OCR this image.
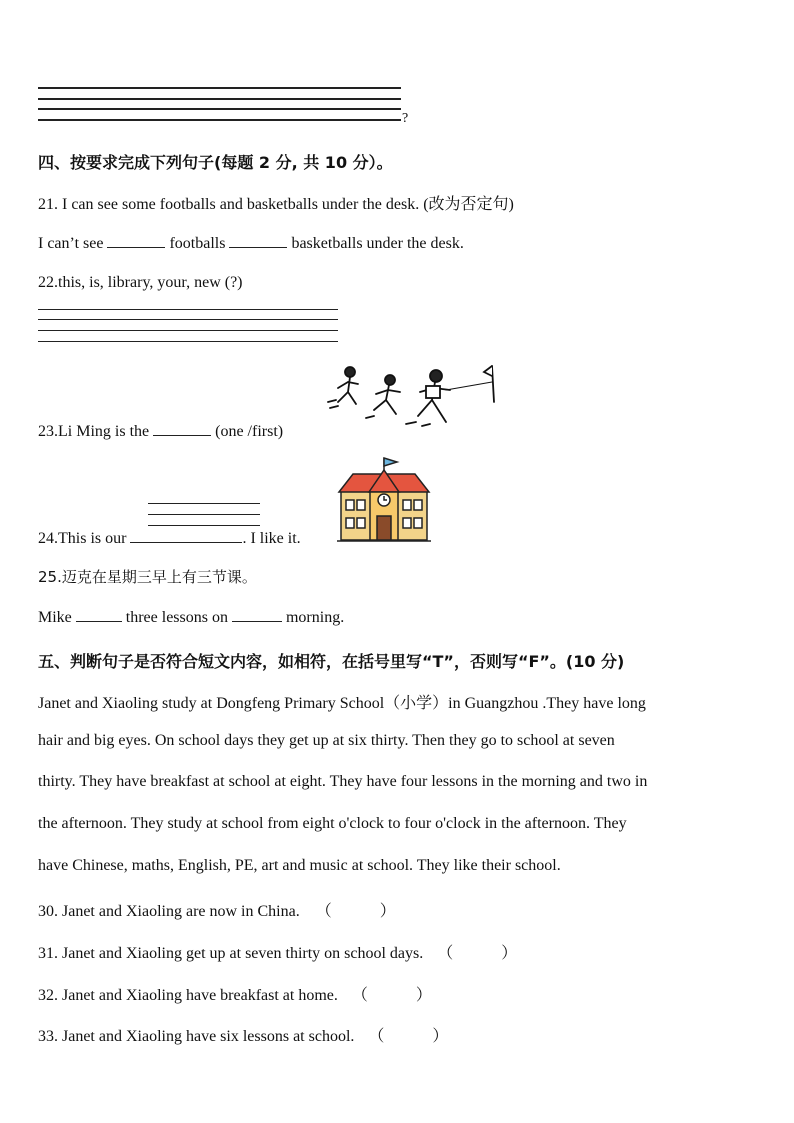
?
四、按要求完成下列句子(每题 2 分, 共 10 分）。
21. I can see some footballs and basketballs under the desk. (改为否定句)
I can’t see	footballs	basketballs under the desk.
22.this, is, library, your, new (?)
23.Li Ming is the	(one /first)
24.This is our	. I like it.
25.迈克在星期三早上有三节课。
Mike	three lessons on	morning.
五、判断句子是否符合短文内容，如相符，在括号里写“T”，否则写“F”。(10 分)
Janet and Xiaoling study at Dongfeng Primary School（小学）in Guangzhou .They have long
hair and big eyes. On school days they get up at six thirty. Then they go to school at seven
thirty. They have breakfast at school at eight. They have four lessons in the morning and two in
the afternoon. They study at school from eight o'clock to four o'clock in the afternoon. They
have Chinese, maths, English, PE, art and music at school. They like their school.
30. Janet and Xiaoling are now in China. （　　　）
31. Janet and Xiaoling get up at seven thirty on school days. （　　　）
32. Janet and Xiaoling have breakfast at home. （　　　）
33. Janet and Xiaoling have six lessons at school. （　　　）
